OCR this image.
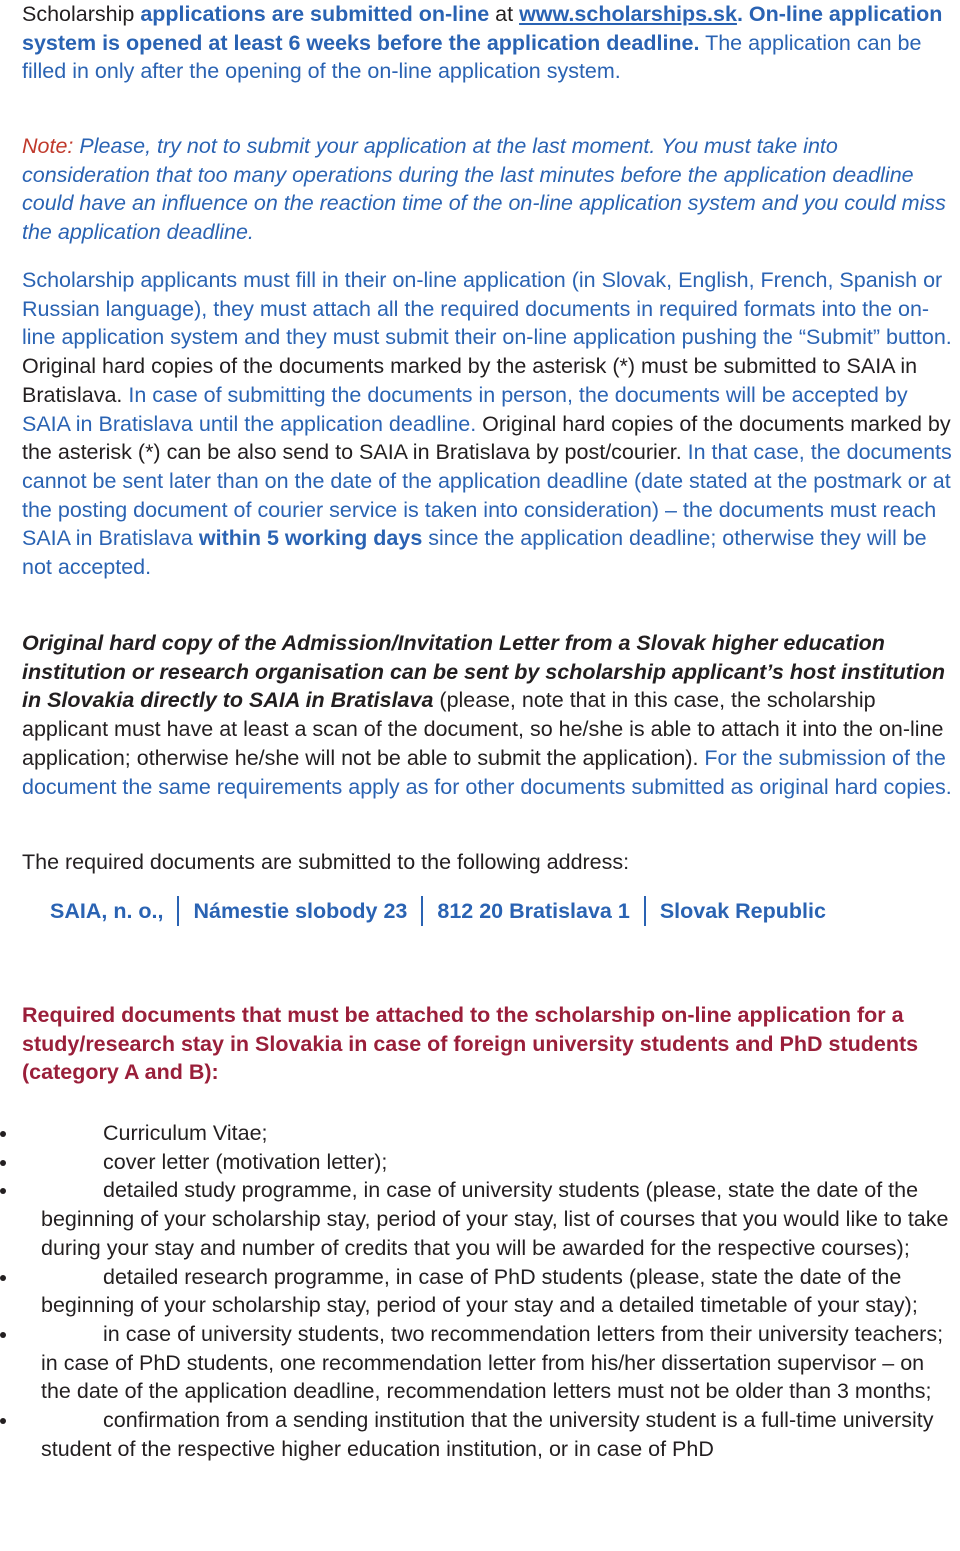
Scholarship applications are submitted on-line at www.scholarships.sk. On-line application system is opened at least 6 weeks before the application deadline. The application can be filled in only after the opening of the on-line application system.

Note: Please, try not to submit your application at the last moment. You must take into consideration that too many operations during the last minutes before the application deadline could have an influence on the reaction time of the on-line application system and you could miss the application deadline.

Scholarship applicants must fill in their on-line application (in Slovak, English, French, Spanish or Russian language), they must attach all the required documents in required formats into the on-line application system and they must submit their on-line application pushing the “Submit” button. Original hard copies of the documents marked by the asterisk (*) must be submitted to SAIA in Bratislava. In case of submitting the documents in person, the documents will be accepted by SAIA in Bratislava until the application deadline. Original hard copies of the documents marked by the asterisk (*) can be also send to SAIA in Bratislava by post/courier. In that case, the documents cannot be sent later than on the date of the application deadline (date stated at the postmark or at the posting document of courier service is taken into consideration) – the documents must reach SAIA in Bratislava within 5 working days since the application deadline; otherwise they will be not accepted.

Original hard copy of the Admission/Invitation Letter from a Slovak higher education institution or research organisation can be sent by scholarship applicant’s host institution in Slovakia directly to SAIA in Bratislava (please, note that in this case, the scholarship applicant must have at least a scan of the document, so he/she is able to attach it into the on-line application; otherwise he/she will not be able to submit the application). For the submission of the document the same requirements apply as for other documents submitted as original hard copies.

The required documents are submitted to the following address:

SAIA, n. o., Námestie slobody 23 812 20 Bratislava 1 Slovak Republic

Required documents that must be attached to the scholarship on-line application for a study/research stay in Slovakia in case of foreign university students and PhD students (category A and B):

Curriculum Vitae;
cover letter (motivation letter);
detailed study programme, in case of university students (please, state the date of the beginning of your scholarship stay, period of your stay, list of courses that you would like to take during your stay and number of credits that you will be awarded for the respective courses);
detailed research programme, in case of PhD students (please, state the date of the beginning of your scholarship stay, period of your stay and a detailed timetable of your stay);
in case of university students, two recommendation letters from their university teachers; in case of PhD students, one recommendation letter from his/her dissertation supervisor – on the date of the application deadline, recommendation letters must not be older than 3 months;
confirmation from a sending institution that the university student is a full-time university student of the respective higher education institution, or in case of PhD
